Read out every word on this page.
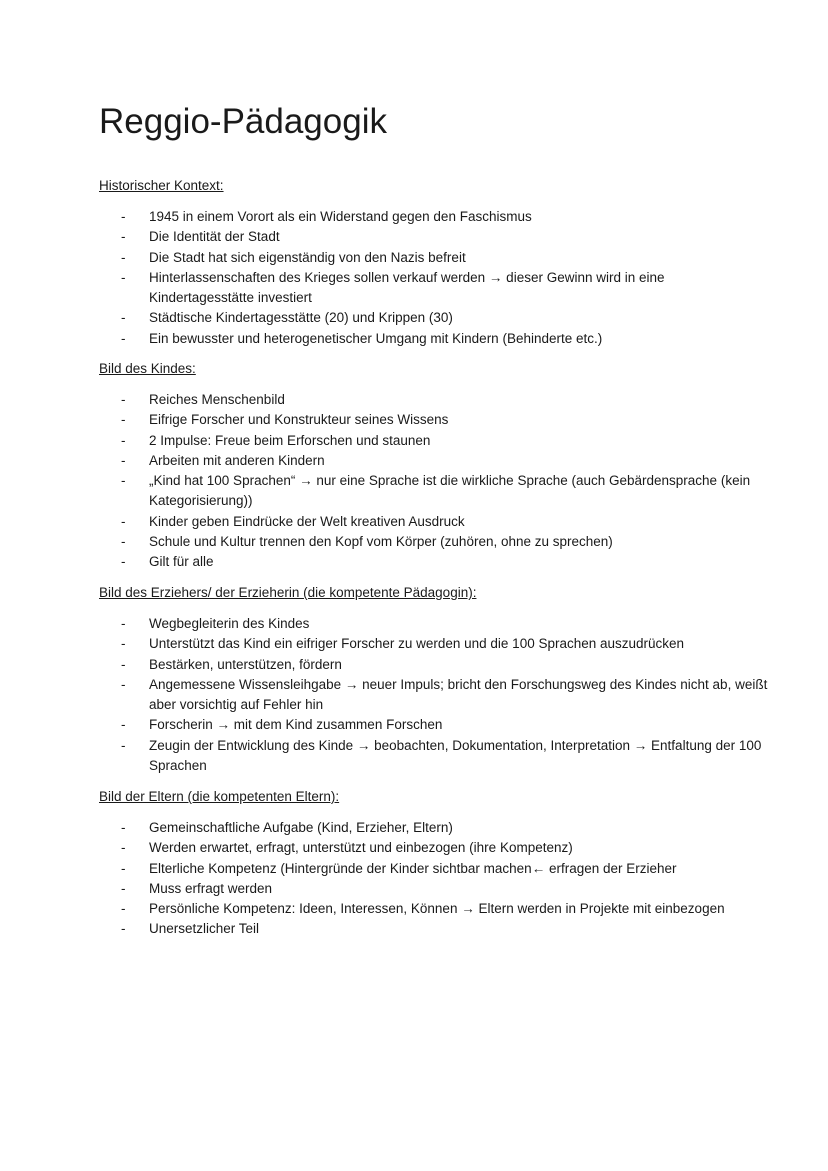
Reggio-Pädagogik

Historischer Kontext:

- 1945 in einem Vorort als ein Widerstand gegen den Faschismus
- Die Identität der Stadt
- Die Stadt hat sich eigenständig von den Nazis befreit
- Hinterlassenschaften des Krieges sollen verkauf werden → dieser Gewinn wird in eine Kindertagesstätte investiert
- Städtische Kindertagesstätte (20) und Krippen (30)
- Ein bewusster und heterogenetischer Umgang mit Kindern (Behinderte etc.)

Bild des Kindes:

- Reiches Menschenbild
- Eifrige Forscher und Konstrukteur seines Wissens
- 2 Impulse: Freue beim Erforschen und staunen
- Arbeiten mit anderen Kindern
- „Kind hat 100 Sprachen“ → nur eine Sprache ist die wirkliche Sprache (auch Gebärdensprache (kein Kategorisierung))
- Kinder geben Eindrücke der Welt kreativen Ausdruck
- Schule und Kultur trennen den Kopf vom Körper (zuhören, ohne zu sprechen)
- Gilt für alle

Bild des Erziehers/ der Erzieherin (die kompetente Pädagogin):

- Wegbegleiterin des Kindes
- Unterstützt das Kind ein eifriger Forscher zu werden und die 100 Sprachen auszudrücken
- Bestärken, unterstützen, fördern
- Angemessene Wissensleihgabe → neuer Impuls; bricht den Forschungsweg des Kindes nicht ab, weißt aber vorsichtig auf Fehler hin
- Forscherin → mit dem Kind zusammen Forschen
- Zeugin der Entwicklung des Kinde → beobachten, Dokumentation, Interpretation → Entfaltung der 100 Sprachen

Bild der Eltern (die kompetenten Eltern):

- Gemeinschaftliche Aufgabe (Kind, Erzieher, Eltern)
- Werden erwartet, erfragt, unterstützt und einbezogen (ihre Kompetenz)
- Elterliche Kompetenz (Hintergründe der Kinder sichtbar machen← erfragen der Erzieher
- Muss erfragt werden
- Persönliche Kompetenz: Ideen, Interessen, Können → Eltern werden in Projekte mit einbezogen
- Unersetzlicher Teil
